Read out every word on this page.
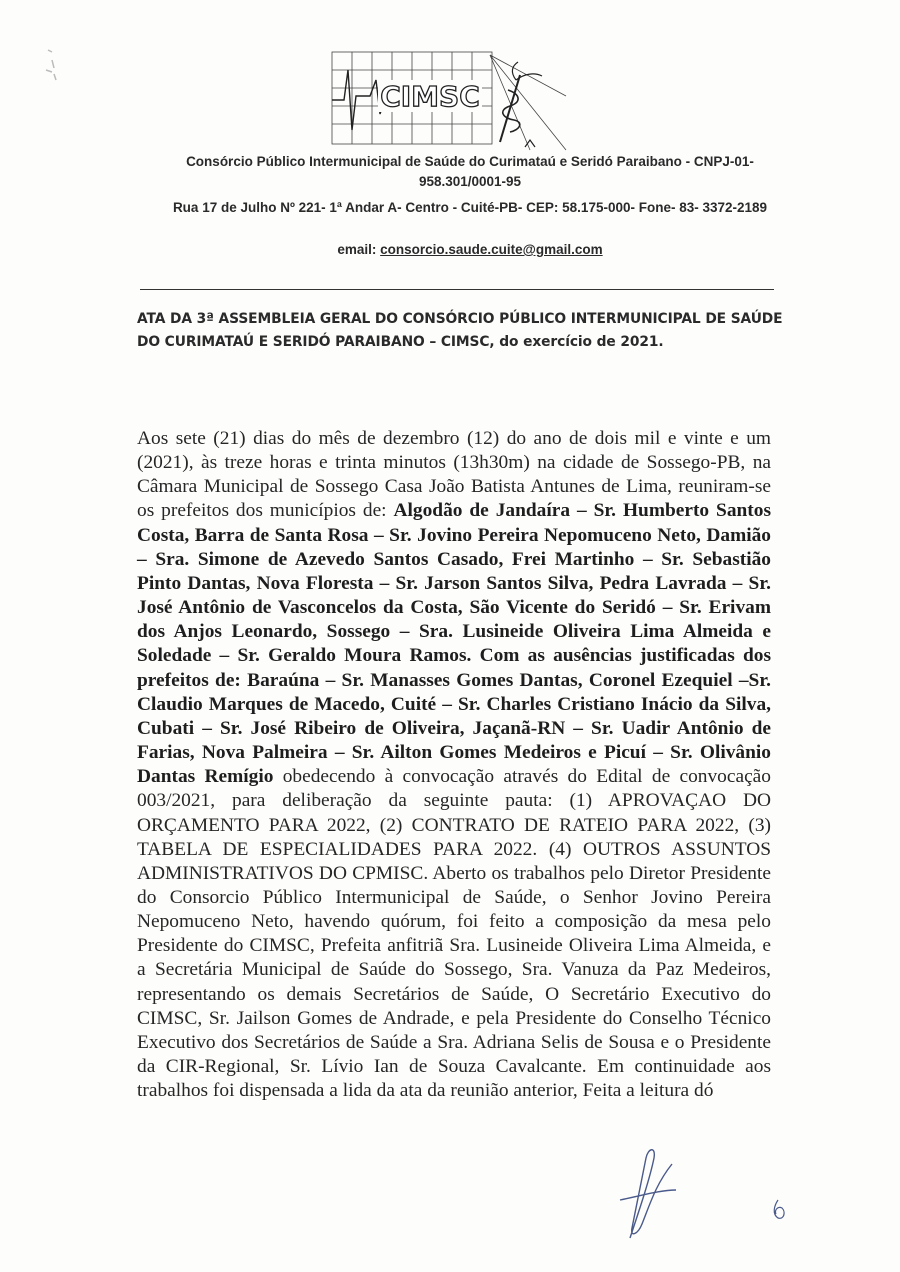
CIMSC
Consórcio Público Intermunicipal de Saúde do Curimataú e Seridó Paraibano - CNPJ-01-958.301/0001-95
Rua 17 de Julho Nº 221- 1ª Andar A- Centro - Cuité-PB- CEP: 58.175-000- Fone- 83- 3372-2189
email: consorcio.saude.cuite@gmail.com
ATA DA 3ª ASSEMBLEIA GERAL DO CONSÓRCIO PÚBLICO INTERMUNICIPAL DE SAÚDE DO CURIMATAÚ E SERIDÓ PARAIBANO – CIMSC, do exercício de 2021.
Aos sete (21) dias do mês de dezembro (12) do ano de dois mil e vinte e um (2021), às treze horas e trinta minutos (13h30m) na cidade de Sossego-PB, na Câmara Municipal de Sossego Casa João Batista Antunes de Lima, reuniram-se os prefeitos dos municípios de: Algodão de Jandaíra – Sr. Humberto Santos Costa, Barra de Santa Rosa – Sr. Jovino Pereira Nepomuceno Neto, Damião – Sra. Simone de Azevedo Santos Casado, Frei Martinho – Sr. Sebastião Pinto Dantas, Nova Floresta – Sr. Jarson Santos Silva, Pedra Lavrada – Sr. José Antônio de Vasconcelos da Costa, São Vicente do Seridó – Sr. Erivam dos Anjos Leonardo, Sossego – Sra. Lusineide Oliveira Lima Almeida e Soledade – Sr. Geraldo Moura Ramos. Com as ausências justificadas dos prefeitos de: Baraúna – Sr. Manasses Gomes Dantas, Coronel Ezequiel –Sr. Claudio Marques de Macedo, Cuité – Sr. Charles Cristiano Inácio da Silva, Cubati – Sr. José Ribeiro de Oliveira, Jaçanã-RN – Sr. Uadir Antônio de Farias, Nova Palmeira – Sr. Ailton Gomes Medeiros e Picuí – Sr. Olivânio Dantas Remígio obedecendo à convocação através do Edital de convocação 003/2021, para deliberação da seguinte pauta: (1) APROVAÇAO DO ORÇAMENTO PARA 2022, (2) CONTRATO DE RATEIO PARA 2022, (3) TABELA DE ESPECIALIDADES PARA 2022. (4) OUTROS ASSUNTOS ADMINISTRATIVOS DO CPMISC. Aberto os trabalhos pelo Diretor Presidente do Consorcio Público Intermunicipal de Saúde, o Senhor Jovino Pereira Nepomuceno Neto, havendo quórum, foi feito a composição da mesa pelo Presidente do CIMSC, Prefeita anfitriã Sra. Lusineide Oliveira Lima Almeida, e a Secretária Municipal de Saúde do Sossego, Sra. Vanuza da Paz Medeiros, representando os demais Secretários de Saúde, O Secretário Executivo do CIMSC, Sr. Jailson Gomes de Andrade, e pela Presidente do Conselho Técnico Executivo dos Secretários de Saúde a Sra. Adriana Selis de Sousa e o Presidente da CIR-Regional, Sr. Lívio Ian de Souza Cavalcante. Em continuidade aos trabalhos foi dispensada a lida da ata da reunião anterior, Feita a leitura dó
